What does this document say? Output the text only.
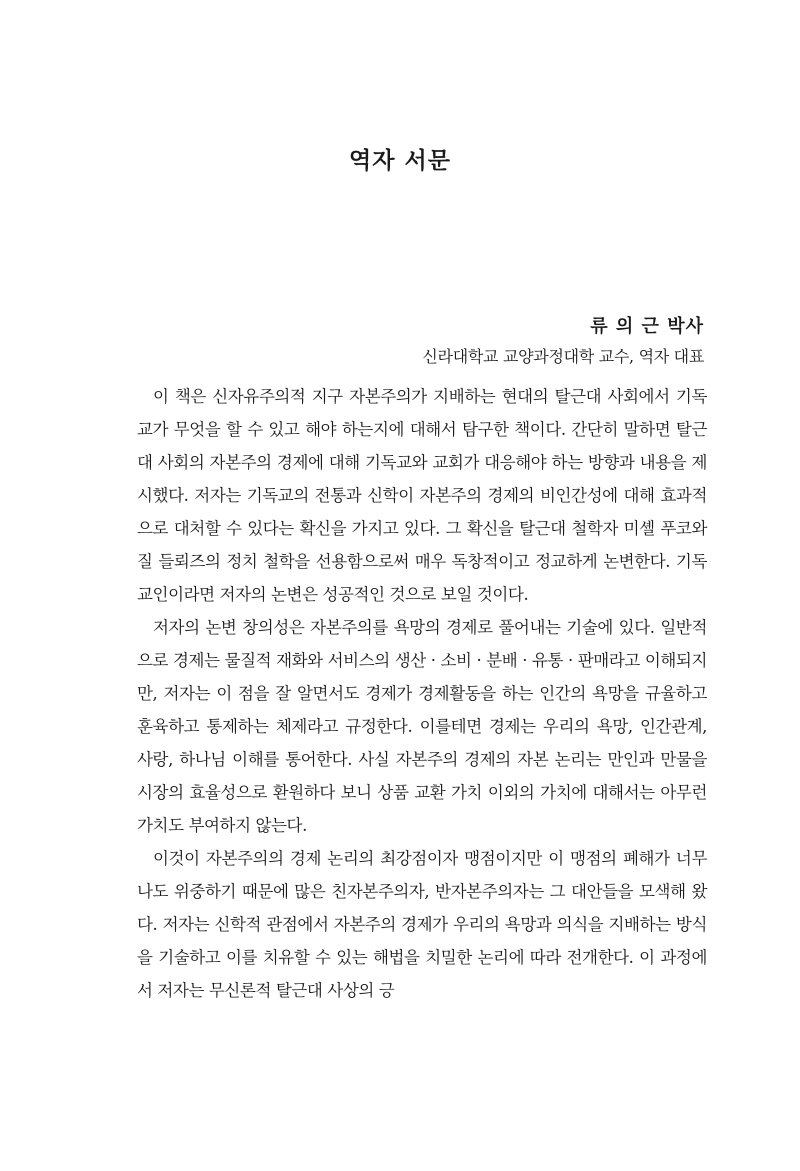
역자 서문

류 의 근 박사

신라대학교 교양과정대학 교수, 역자 대표

이 책은 신자유주의적 지구 자본주의가 지배하는 현대의 탈근대 사회에서 기독교가 무엇을 할 수 있고 해야 하는지에 대해서 탐구한 책이다. 간단히 말하면 탈근대 사회의 자본주의 경제에 대해 기독교와 교회가 대응해야 하는 방향과 내용을 제시했다. 저자는 기독교의 전통과 신학이 자본주의 경제의 비인간성에 대해 효과적으로 대처할 수 있다는 확신을 가지고 있다. 그 확신을 탈근대 철학자 미셸 푸코와 질 들뢰즈의 정치 철학을 선용함으로써 매우 독창적이고 정교하게 논변한다. 기독교인이라면 저자의 논변은 성공적인 것으로 보일 것이다.

저자의 논변 창의성은 자본주의를 욕망의 경제로 풀어내는 기술에 있다. 일반적으로 경제는 물질적 재화와 서비스의 생산 · 소비 · 분배 · 유통 · 판매라고 이해되지만, 저자는 이 점을 잘 알면서도 경제가 경제활동을 하는 인간의 욕망을 규율하고 훈육하고 통제하는 체제라고 규정한다. 이를테면 경제는 우리의 욕망, 인간관계, 사랑, 하나님 이해를 통어한다. 사실 자본주의 경제의 자본 논리는 만인과 만물을 시장의 효율성으로 환원하다 보니 상품 교환 가치 이외의 가치에 대해서는 아무런 가치도 부여하지 않는다.

이것이 자본주의의 경제 논리의 최강점이자 맹점이지만 이 맹점의 폐해가 너무나도 위중하기 때문에 많은 친자본주의자, 반자본주의자는 그 대안들을 모색해 왔다. 저자는 신학적 관점에서 자본주의 경제가 우리의 욕망과 의식을 지배하는 방식을 기술하고 이를 치유할 수 있는 해법을 치밀한 논리에 따라 전개한다. 이 과정에서 저자는 무신론적 탈근대 사상의 긍
